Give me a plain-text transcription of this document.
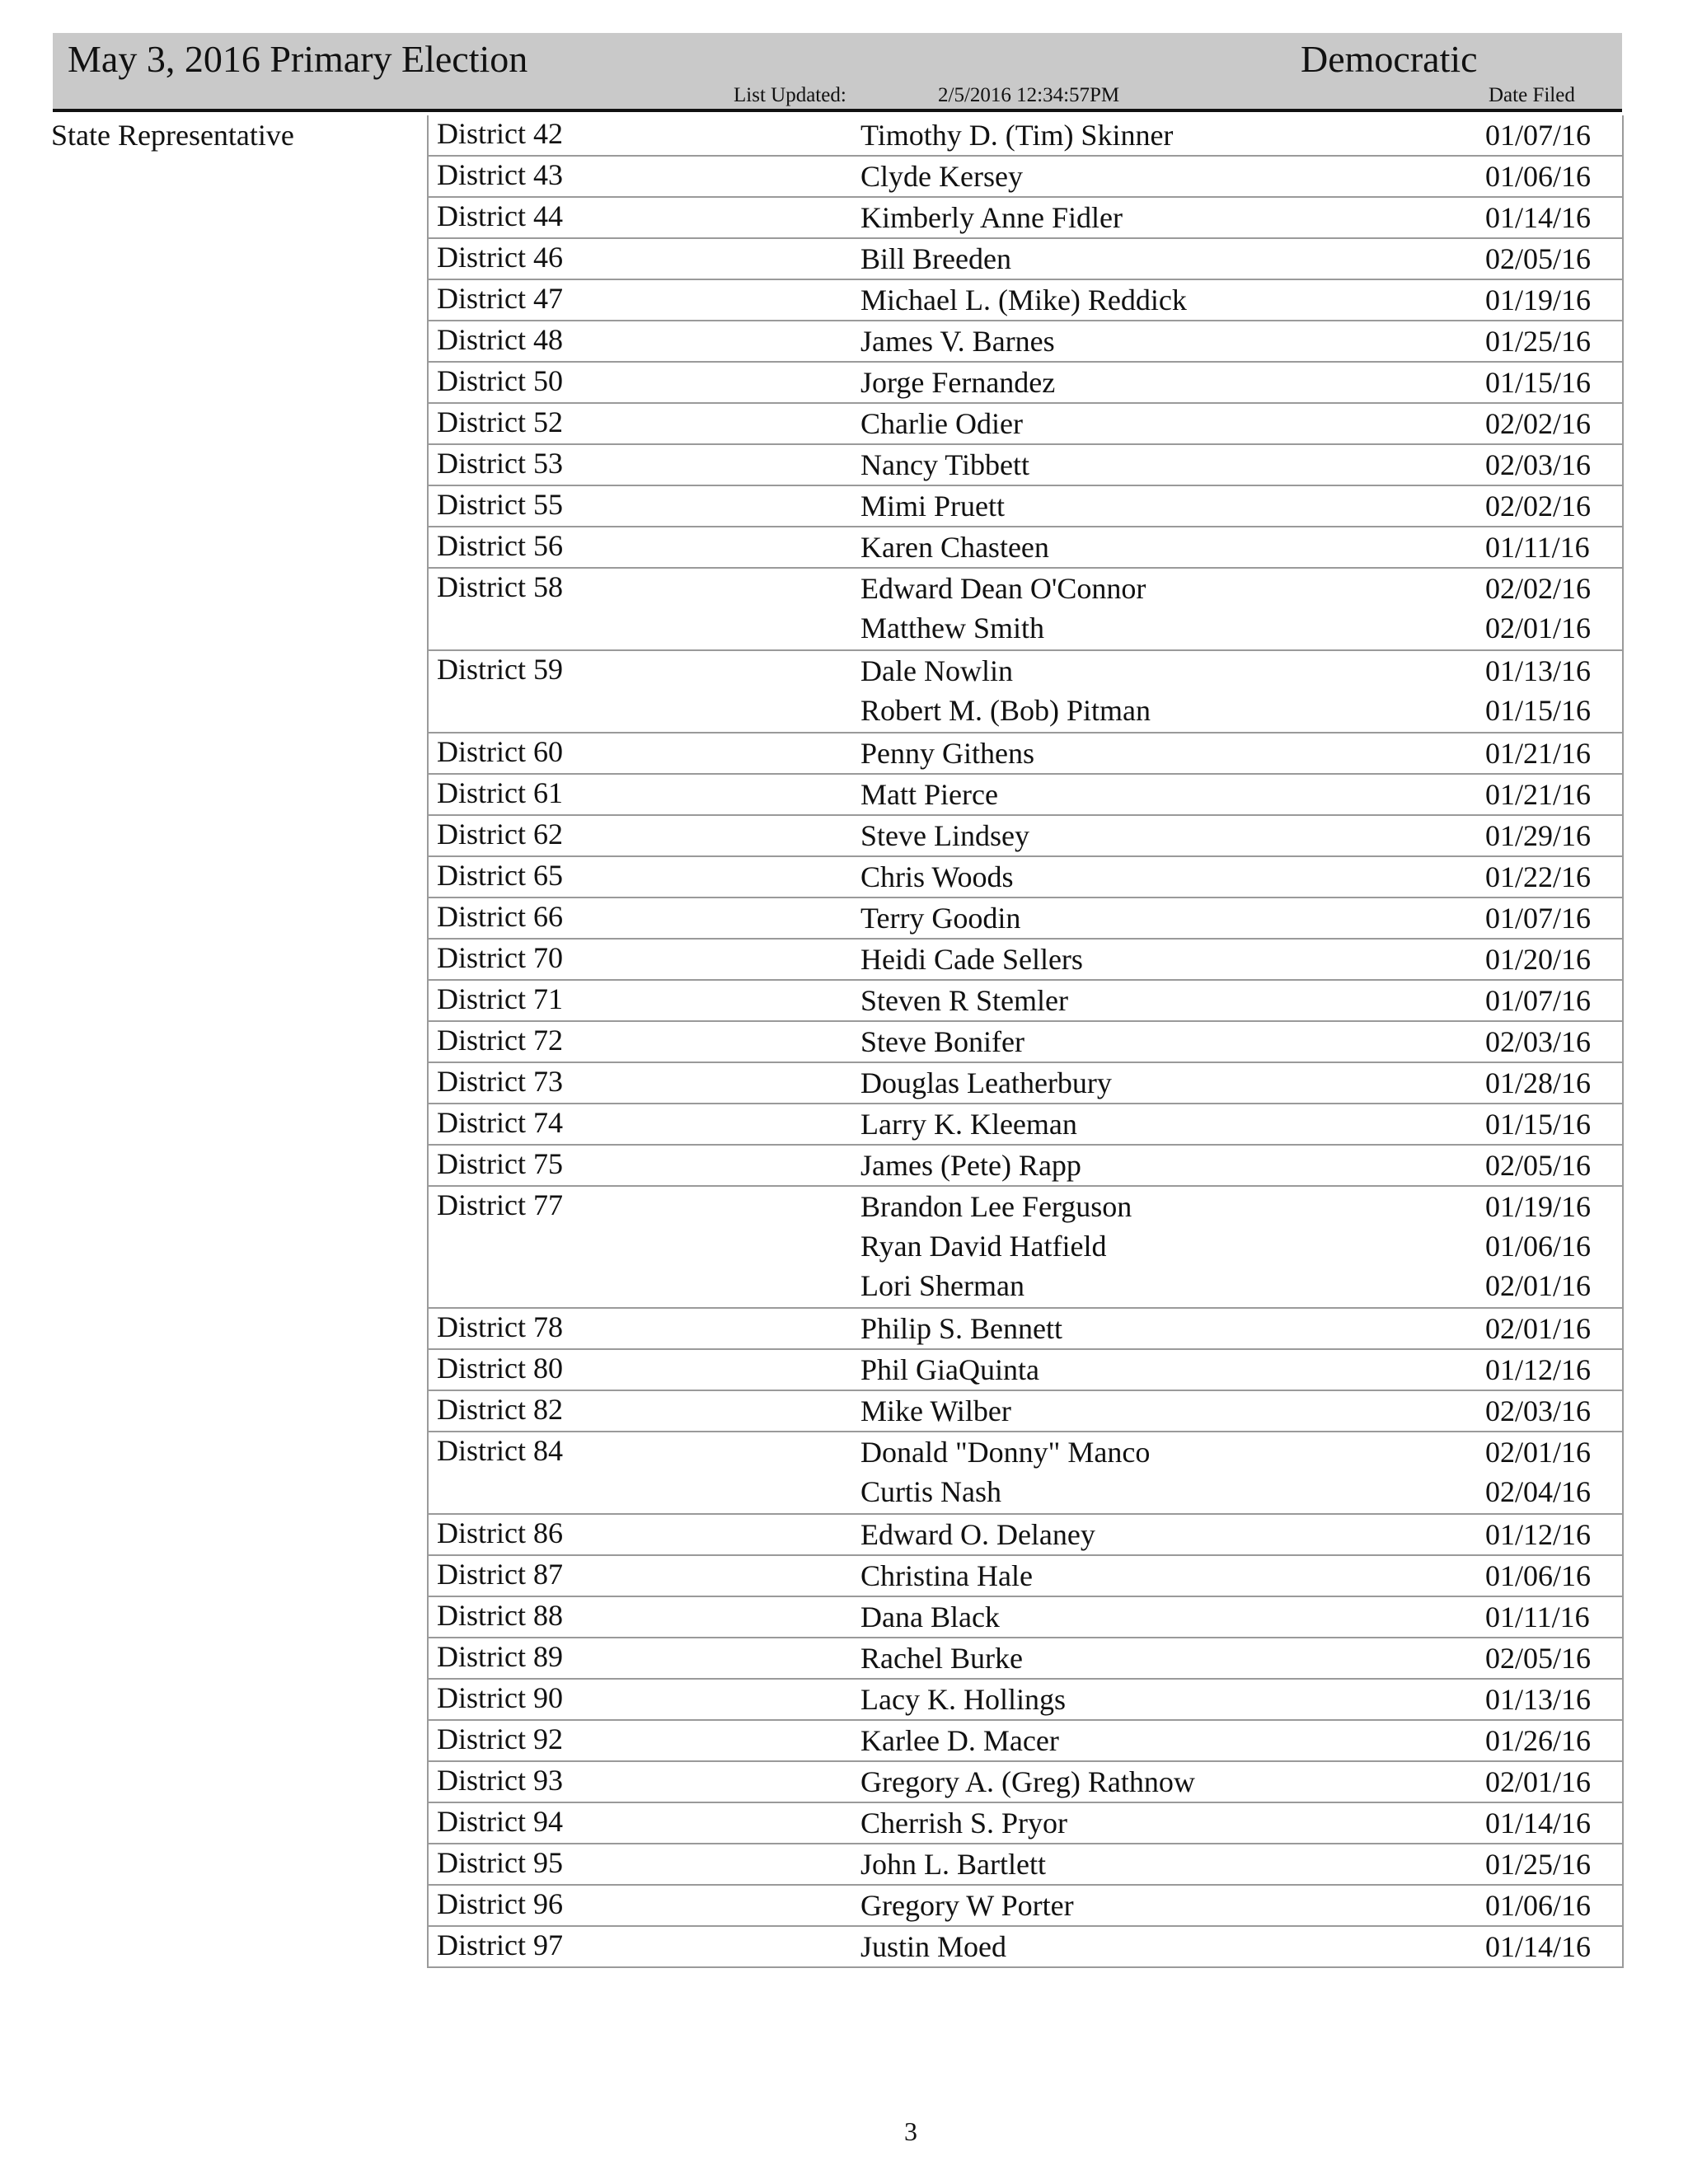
May 3, 2016 Primary Election	Democratic
List Updated:	2/5/2016 12:34:57PM	Date Filed
State Representative	District 42	Timothy D. (Tim) Skinner	01/07/16
District 43	Clyde Kersey	01/06/16
District 44	Kimberly Anne Fidler	01/14/16
District 46	Bill Breeden	02/05/16
District 47	Michael L. (Mike) Reddick	01/19/16
District 48	James V. Barnes	01/25/16
District 50	Jorge Fernandez	01/15/16
District 52	Charlie Odier	02/02/16
District 53	Nancy Tibbett	02/03/16
District 55	Mimi Pruett	02/02/16
District 56	Karen Chasteen	01/11/16
District 58	Edward Dean O'Connor	02/02/16
Matthew Smith	02/01/16
District 59	Dale Nowlin	01/13/16
Robert M. (Bob) Pitman	01/15/16
District 60	Penny Githens	01/21/16
District 61	Matt Pierce	01/21/16
District 62	Steve Lindsey	01/29/16
District 65	Chris Woods	01/22/16
District 66	Terry Goodin	01/07/16
District 70	Heidi Cade Sellers	01/20/16
District 71	Steven R Stemler	01/07/16
District 72	Steve Bonifer	02/03/16
District 73	Douglas Leatherbury	01/28/16
District 74	Larry K. Kleeman	01/15/16
District 75	James (Pete) Rapp	02/05/16
District 77	Brandon Lee Ferguson	01/19/16
Ryan David Hatfield	01/06/16
Lori Sherman	02/01/16
District 78	Philip S. Bennett	02/01/16
District 80	Phil GiaQuinta	01/12/16
District 82	Mike Wilber	02/03/16
District 84	Donald "Donny" Manco	02/01/16
Curtis Nash	02/04/16
District 86	Edward O. Delaney	01/12/16
District 87	Christina Hale	01/06/16
District 88	Dana Black	01/11/16
District 89	Rachel Burke	02/05/16
District 90	Lacy K. Hollings	01/13/16
District 92	Karlee D. Macer	01/26/16
District 93	Gregory A. (Greg) Rathnow	02/01/16
District 94	Cherrish S. Pryor	01/14/16
District 95	John L. Bartlett	01/25/16
District 96	Gregory W Porter	01/06/16
District 97	Justin Moed	01/14/16
3
